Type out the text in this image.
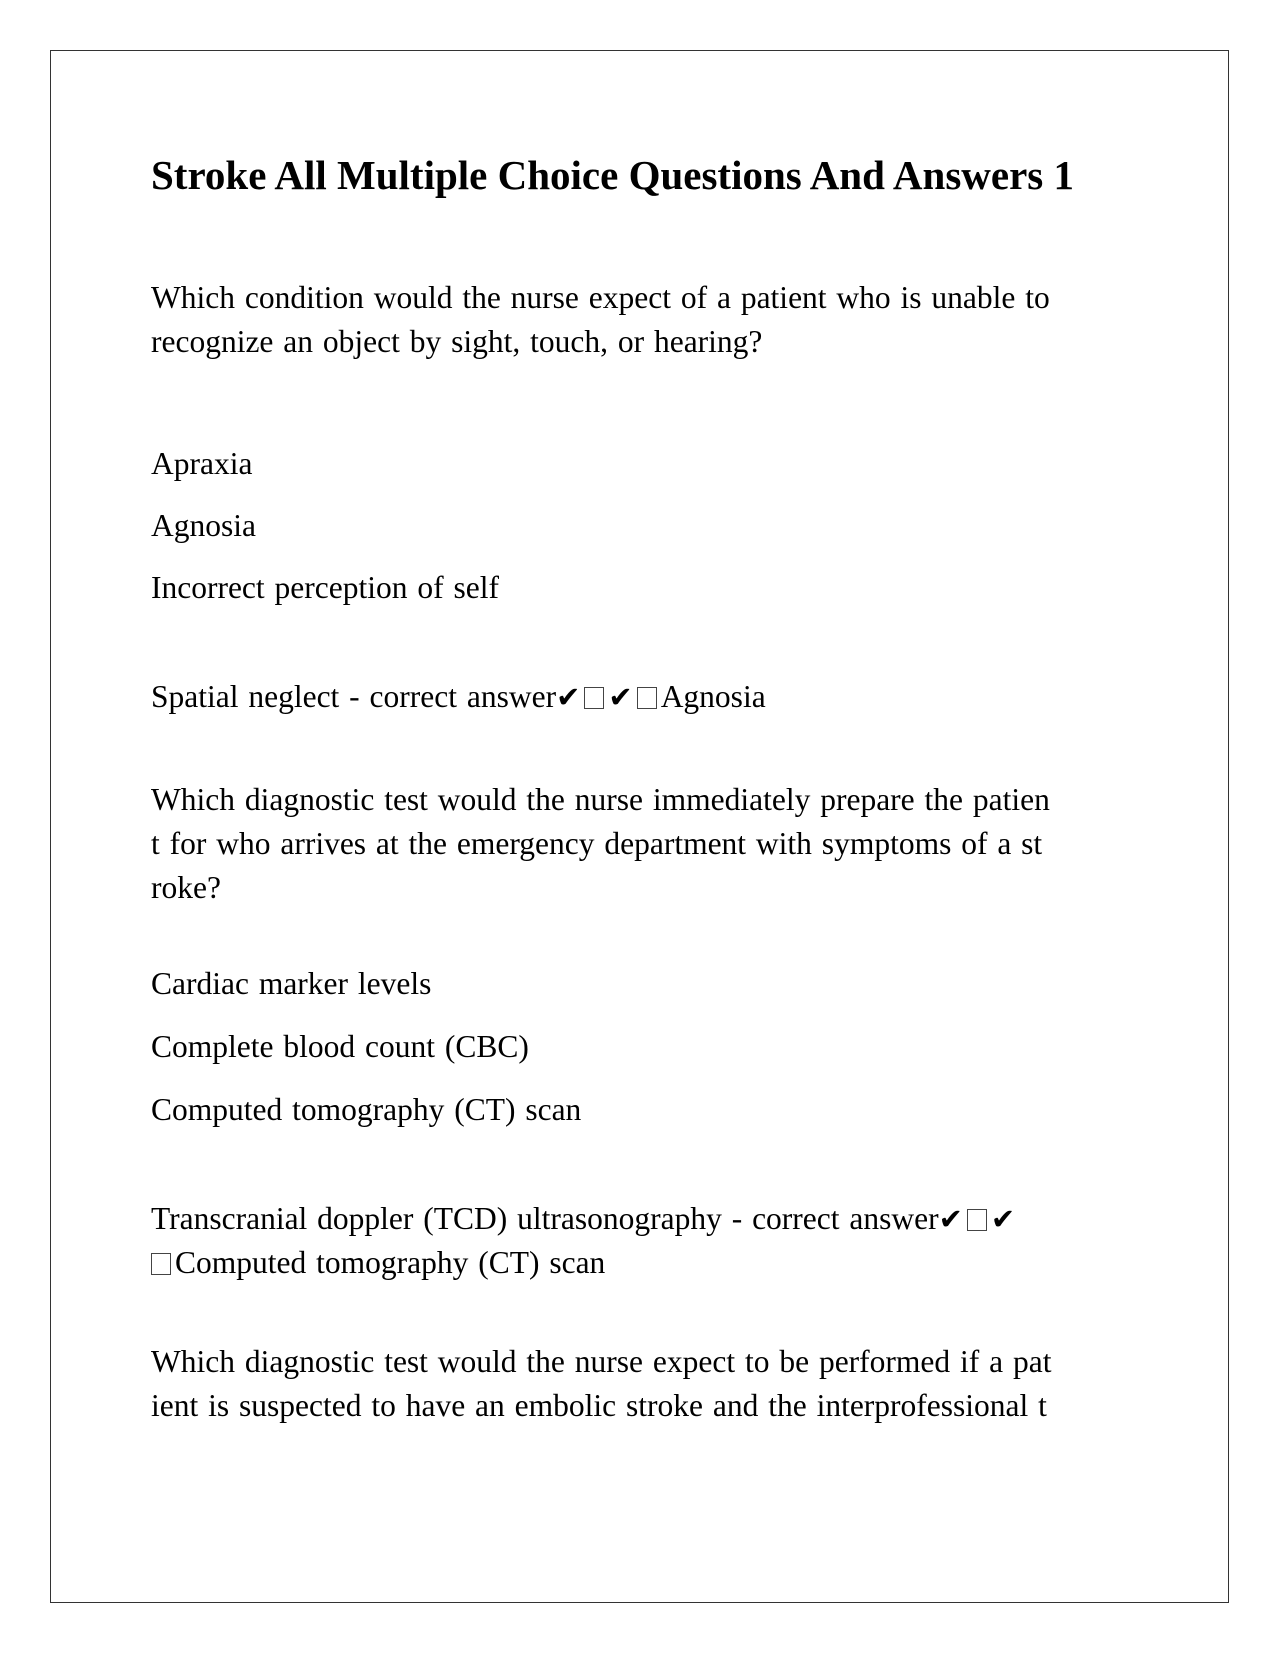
Stroke All Multiple Choice Questions And Answers 1

Which condition would the nurse expect of a patient who is unable to
recognize an object by sight, touch, or hearing?

Apraxia

Agnosia

Incorrect perception of self

Spatial neglect - correct answer✔ ✔ Agnosia

Which diagnostic test would the nurse immediately prepare the patien
t for who arrives at the emergency department with symptoms of a st
roke?

Cardiac marker levels

Complete blood count (CBC)

Computed tomography (CT) scan

Transcranial doppler (TCD) ultrasonography - correct answer✔ ✔
Computed tomography (CT) scan

Which diagnostic test would the nurse expect to be performed if a pat
ient is suspected to have an embolic stroke and the interprofessional t
